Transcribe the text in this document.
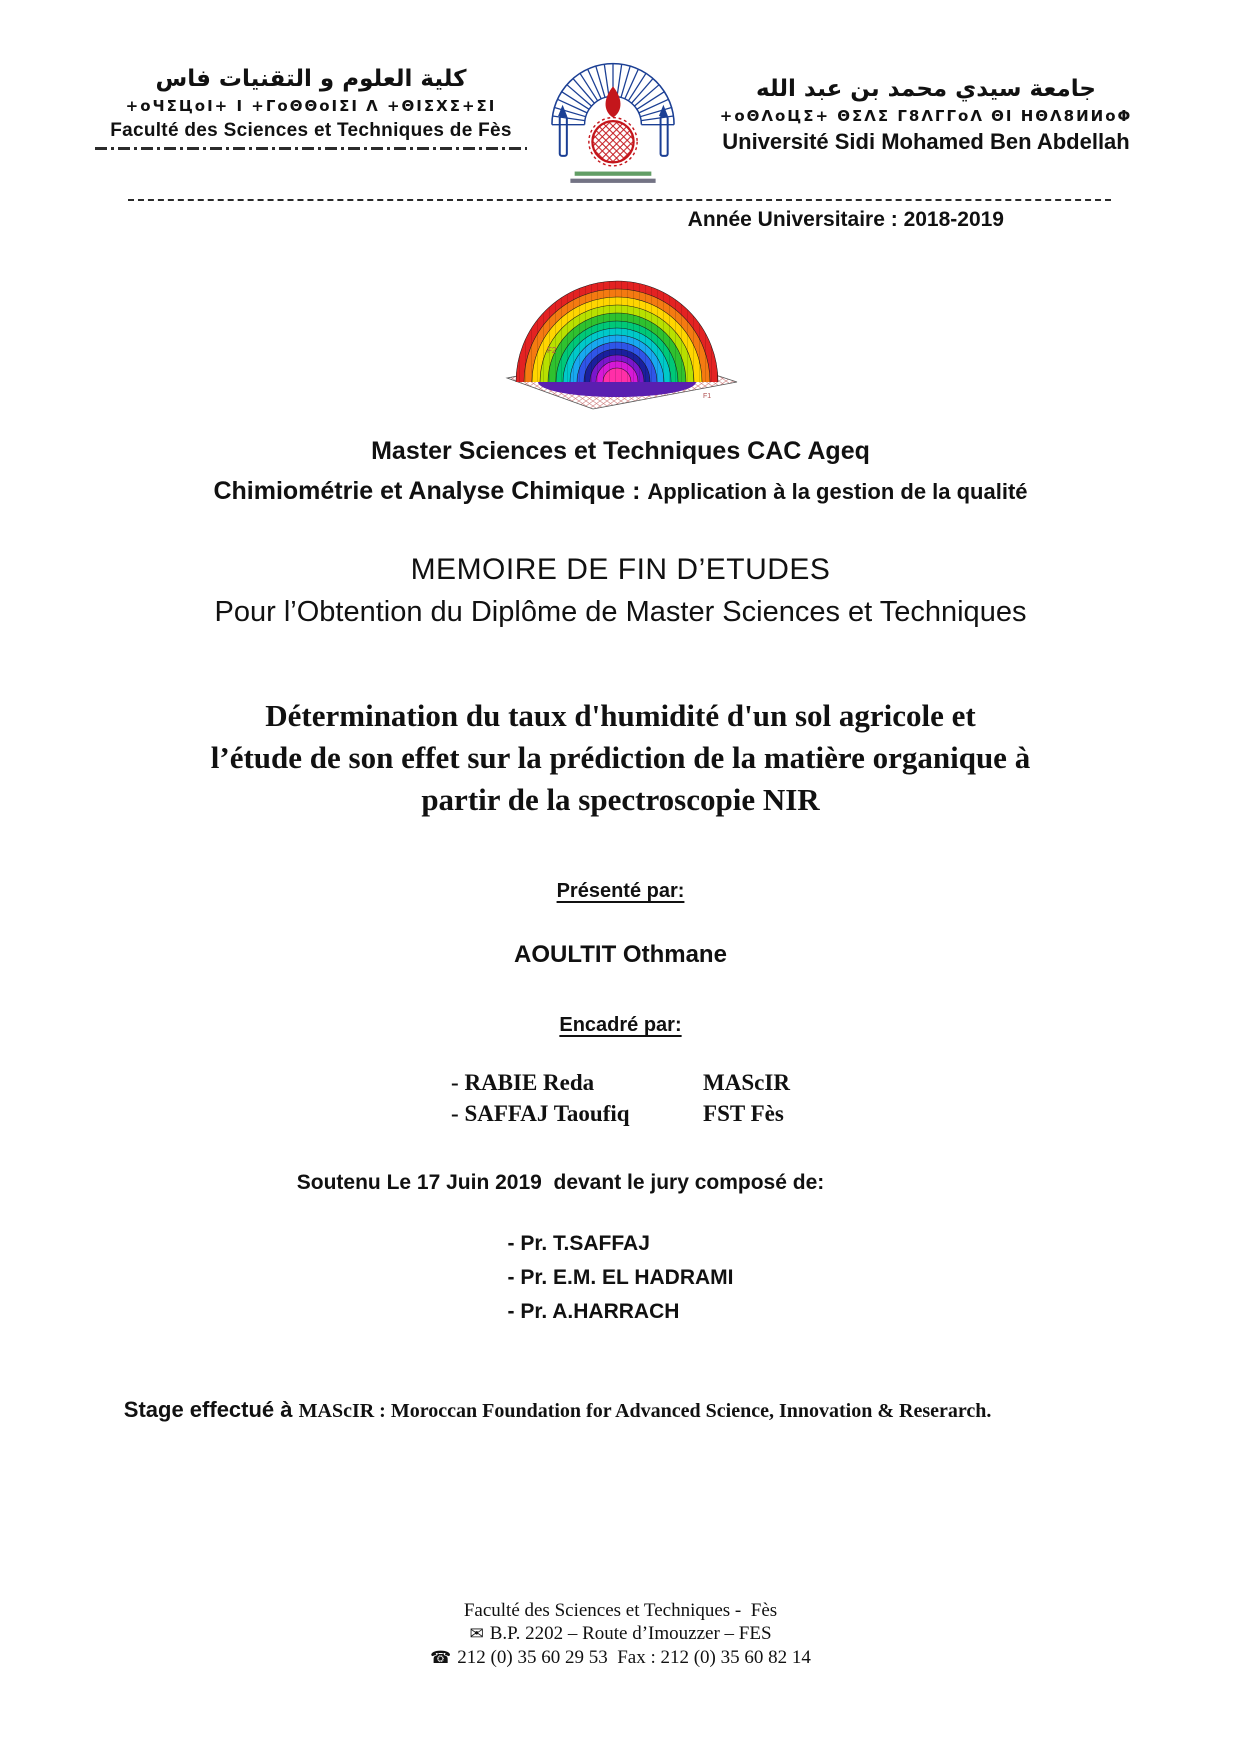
كلية العلوم و التقنيات فاس
+oЧΣЦoI+ I +ΓoΘΘoIΣI Λ +ΘΙΣΧΣ+ΣΙ
Faculté des Sciences et Techniques de Fès
جامعة سيدي محمد بن عبد الله
+oΘΛoЦΣ+ ΘΣΛΣ Γ8ΛΓΓoΛ ΘΙ ΗΘΛ8ИИoΦ
Université Sidi Mohamed Ben Abdellah
Année Universitaire : 2018-2019
F2
F1
Master Sciences et Techniques CAC Ageq
Chimiométrie et Analyse Chimique : Application à la gestion de la qualité
MEMOIRE DE FIN D’ETUDES
Pour l’Obtention du Diplôme de Master Sciences et Techniques
Détermination du taux d'humidité d'un sol agricole et
l’étude de son effet sur la prédiction de la matière organique à
partir de la spectroscopie NIR
Présenté par:
AOULTIT Othmane
Encadré par:
- RABIE Reda	MAScIR
- SAFFAJ Taoufiq	FST Fès
Soutenu Le 17 Juin 2019  devant le jury composé de:
- Pr. T.SAFFAJ
- Pr. E.M. EL HADRAMI
- Pr. A.HARRACH

Stage effectué à MAScIR : Moroccan Foundation for Advanced Science, Innovation & Reserarch.

Faculté des Sciences et Techniques -  Fès
✉ B.P. 2202 – Route d’Imouzzer – FES
☎ 212 (0) 35 60 29 53  Fax : 212 (0) 35 60 82 14
